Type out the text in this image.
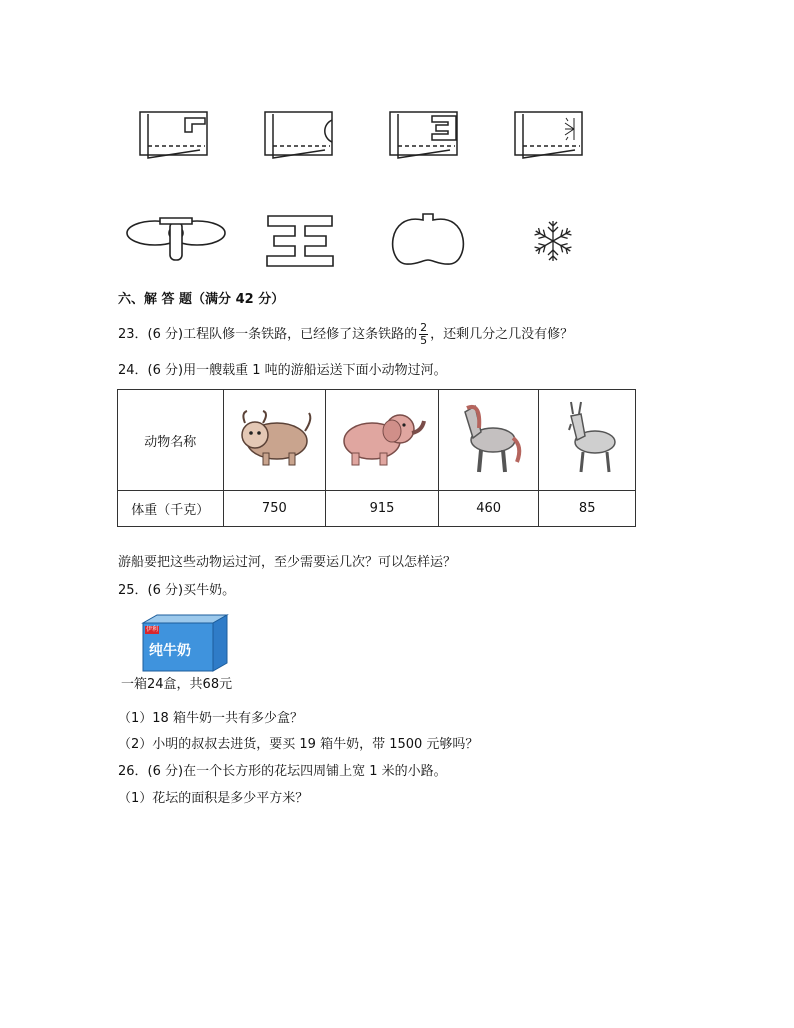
六、解 答 题（满分 42 分）
23．(6 分)工程队修一条铁路，已经修了这条铁路的 $\frac{2}{5}$ ，还剩几分之几没有修？
24．(6 分)用一艘载重 1 吨的游船运送下面小动物过河。
动物名称				
体重（千克）	750	915	460	85
游船要把这些动物运过河，至少需要运几次？可以怎样运？
25．(6 分)买牛奶。
伊利
纯牛奶
一箱24盒，共68元
（1）18 箱牛奶一共有多少盒？
（2）小明的叔叔去进货，要买 19 箱牛奶，带 1500 元够吗？
26．(6 分)在一个长方形的花坛四周铺上宽 1 米的小路。
（1）花坛的面积是多少平方米？
